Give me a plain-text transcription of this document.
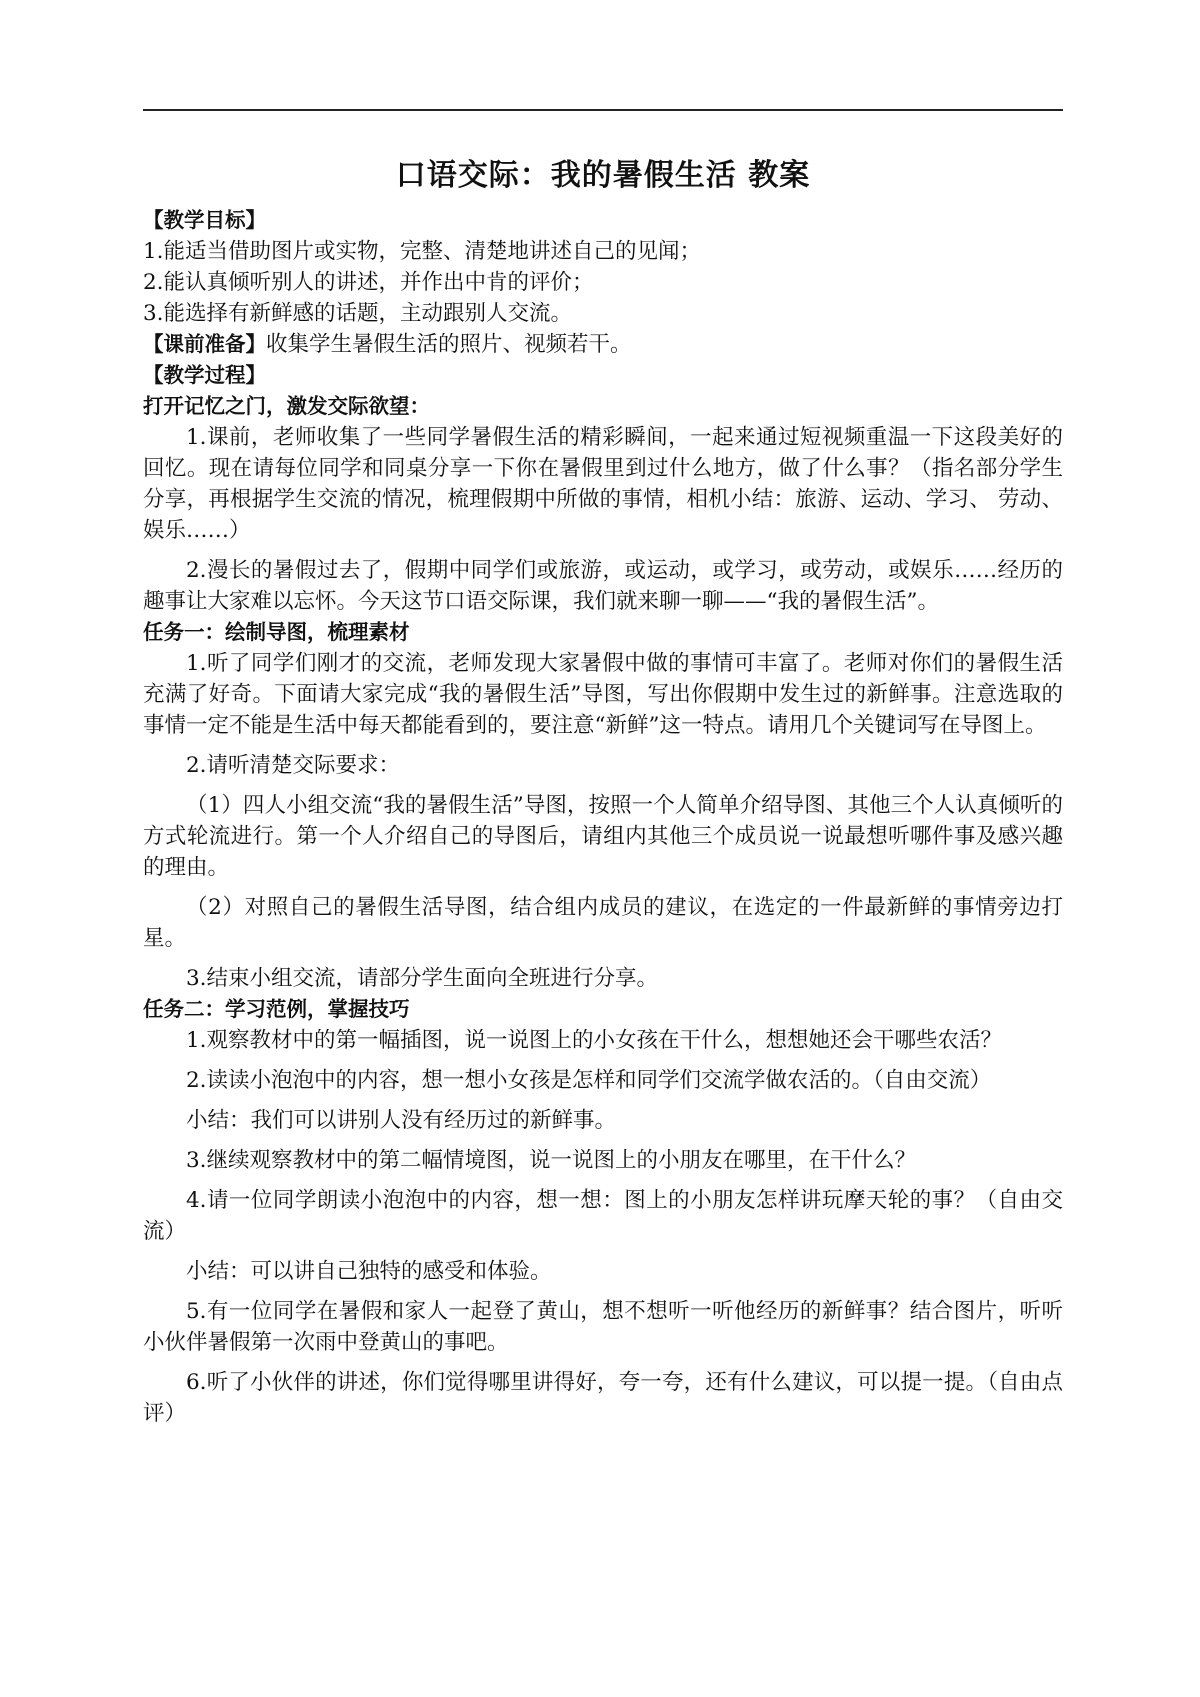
口语交际：我的暑假生活 教案

【教学目标】

1.能适当借助图片或实物，完整、清楚地讲述自己的见闻；

2.能认真倾听别人的讲述，并作出中肯的评价；

3.能选择有新鲜感的话题，主动跟别人交流。

【课前准备】收集学生暑假生活的照片、视频若干。

【教学过程】

打开记忆之门，激发交际欲望：

1.课前，老师收集了一些同学暑假生活的精彩瞬间，一起来通过短视频重温一下这段美好的回忆。现在请每位同学和同桌分享一下你在暑假里到过什么地方，做了什么事？（指名部分学生分享，再根据学生交流的情况，梳理假期中所做的事情，相机小结：旅游、运动、学习、 劳动、娱乐……）

2.漫长的暑假过去了，假期中同学们或旅游，或运动，或学习，或劳动，或娱乐……经历的趣事让大家难以忘怀。今天这节口语交际课，我们就来聊一聊——“我的暑假生活”。

任务一：绘制导图，梳理素材

1.听了同学们刚才的交流，老师发现大家暑假中做的事情可丰富了。老师对你们的暑假生活充满了好奇。下面请大家完成“我的暑假生活”导图，写出你假期中发生过的新鲜事。注意选取的事情一定不能是生活中每天都能看到的，要注意“新鲜”这一特点。请用几个关键词写在导图上。

2.请听清楚交际要求：

（1）四人小组交流“我的暑假生活”导图，按照一个人简单介绍导图、其他三个人认真倾听的方式轮流进行。第一个人介绍自己的导图后，请组内其他三个成员说一说最想听哪件事及感兴趣的理由。

（2）对照自己的暑假生活导图，结合组内成员的建议，在选定的一件最新鲜的事情旁边打星。

3.结束小组交流，请部分学生面向全班进行分享。

任务二：学习范例，掌握技巧

1.观察教材中的第一幅插图，说一说图上的小女孩在干什么，想想她还会干哪些农活？

2.读读小泡泡中的内容，想一想小女孩是怎样和同学们交流学做农活的。（自由交流）

小结：我们可以讲别人没有经历过的新鲜事。

3.继续观察教材中的第二幅情境图，说一说图上的小朋友在哪里，在干什么？

4.请一位同学朗读小泡泡中的内容，想一想：图上的小朋友怎样讲玩摩天轮的事？（自由交流）

小结：可以讲自己独特的感受和体验。

5.有一位同学在暑假和家人一起登了黄山，想不想听一听他经历的新鲜事？结合图片，听听小伙伴暑假第一次雨中登黄山的事吧。

6.听了小伙伴的讲述，你们觉得哪里讲得好，夸一夸，还有什么建议，可以提一提。（自由点评）
